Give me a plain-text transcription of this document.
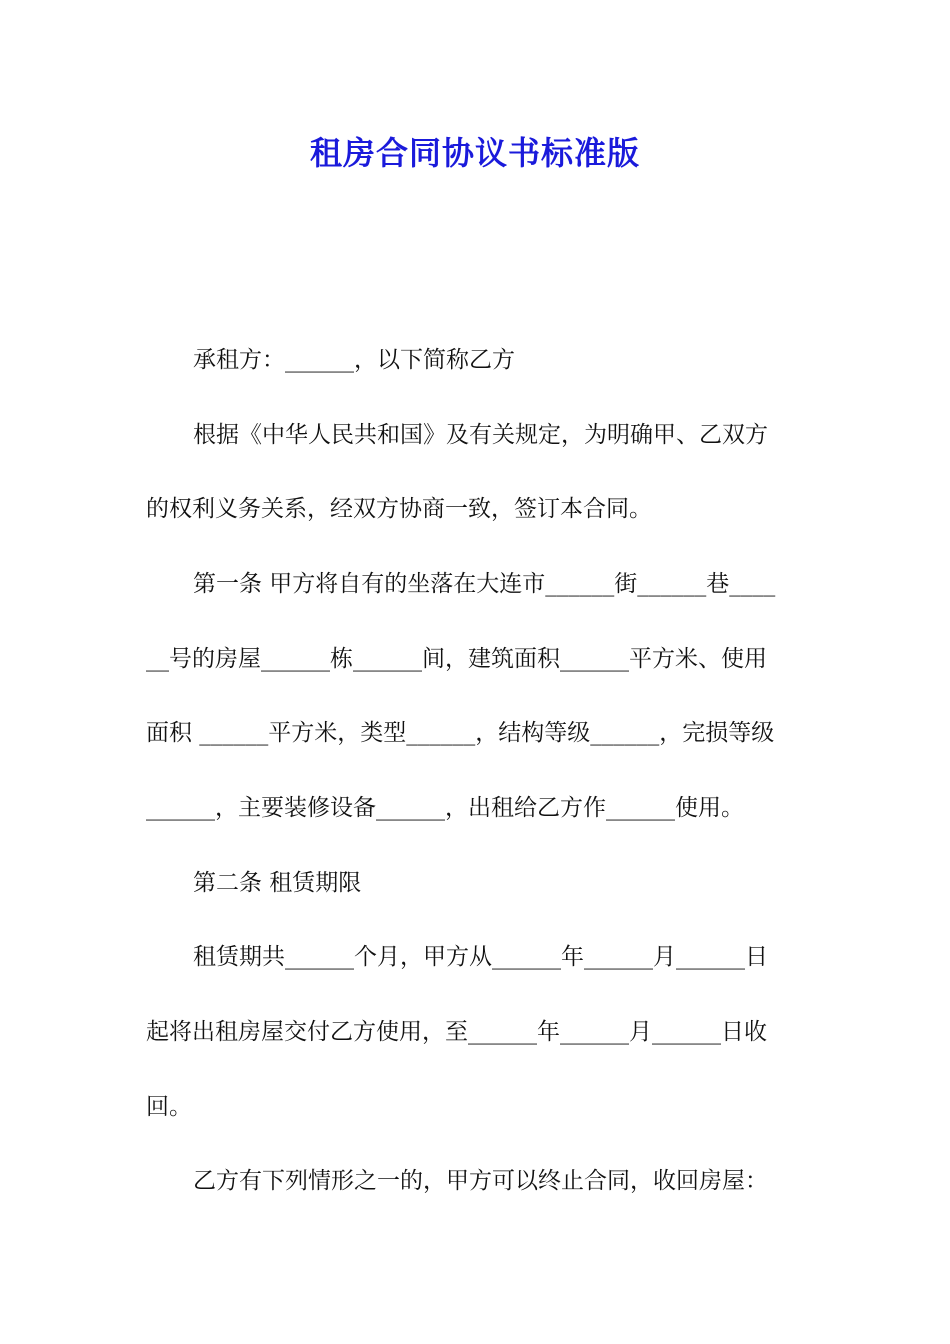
租房合同协议书标准版
承租方：______，以下简称乙方
根据《中华人民共和国》及有关规定，为明确甲、乙双方
的权利义务关系，经双方协商一致，签订本合同。
第一条 甲方将自有的坐落在大连市______街______巷____
__号的房屋______栋______间，建筑面积______平方米、使用
面积 ______平方米，类型______，结构等级______，完损等级
______，主要装修设备______，出租给乙方作______使用。
第二条 租赁期限
租赁期共______个月，甲方从______年______月______日
起将出租房屋交付乙方使用，至______年______月______日收
回。
乙方有下列情形之一的，甲方可以终止合同，收回房屋：
